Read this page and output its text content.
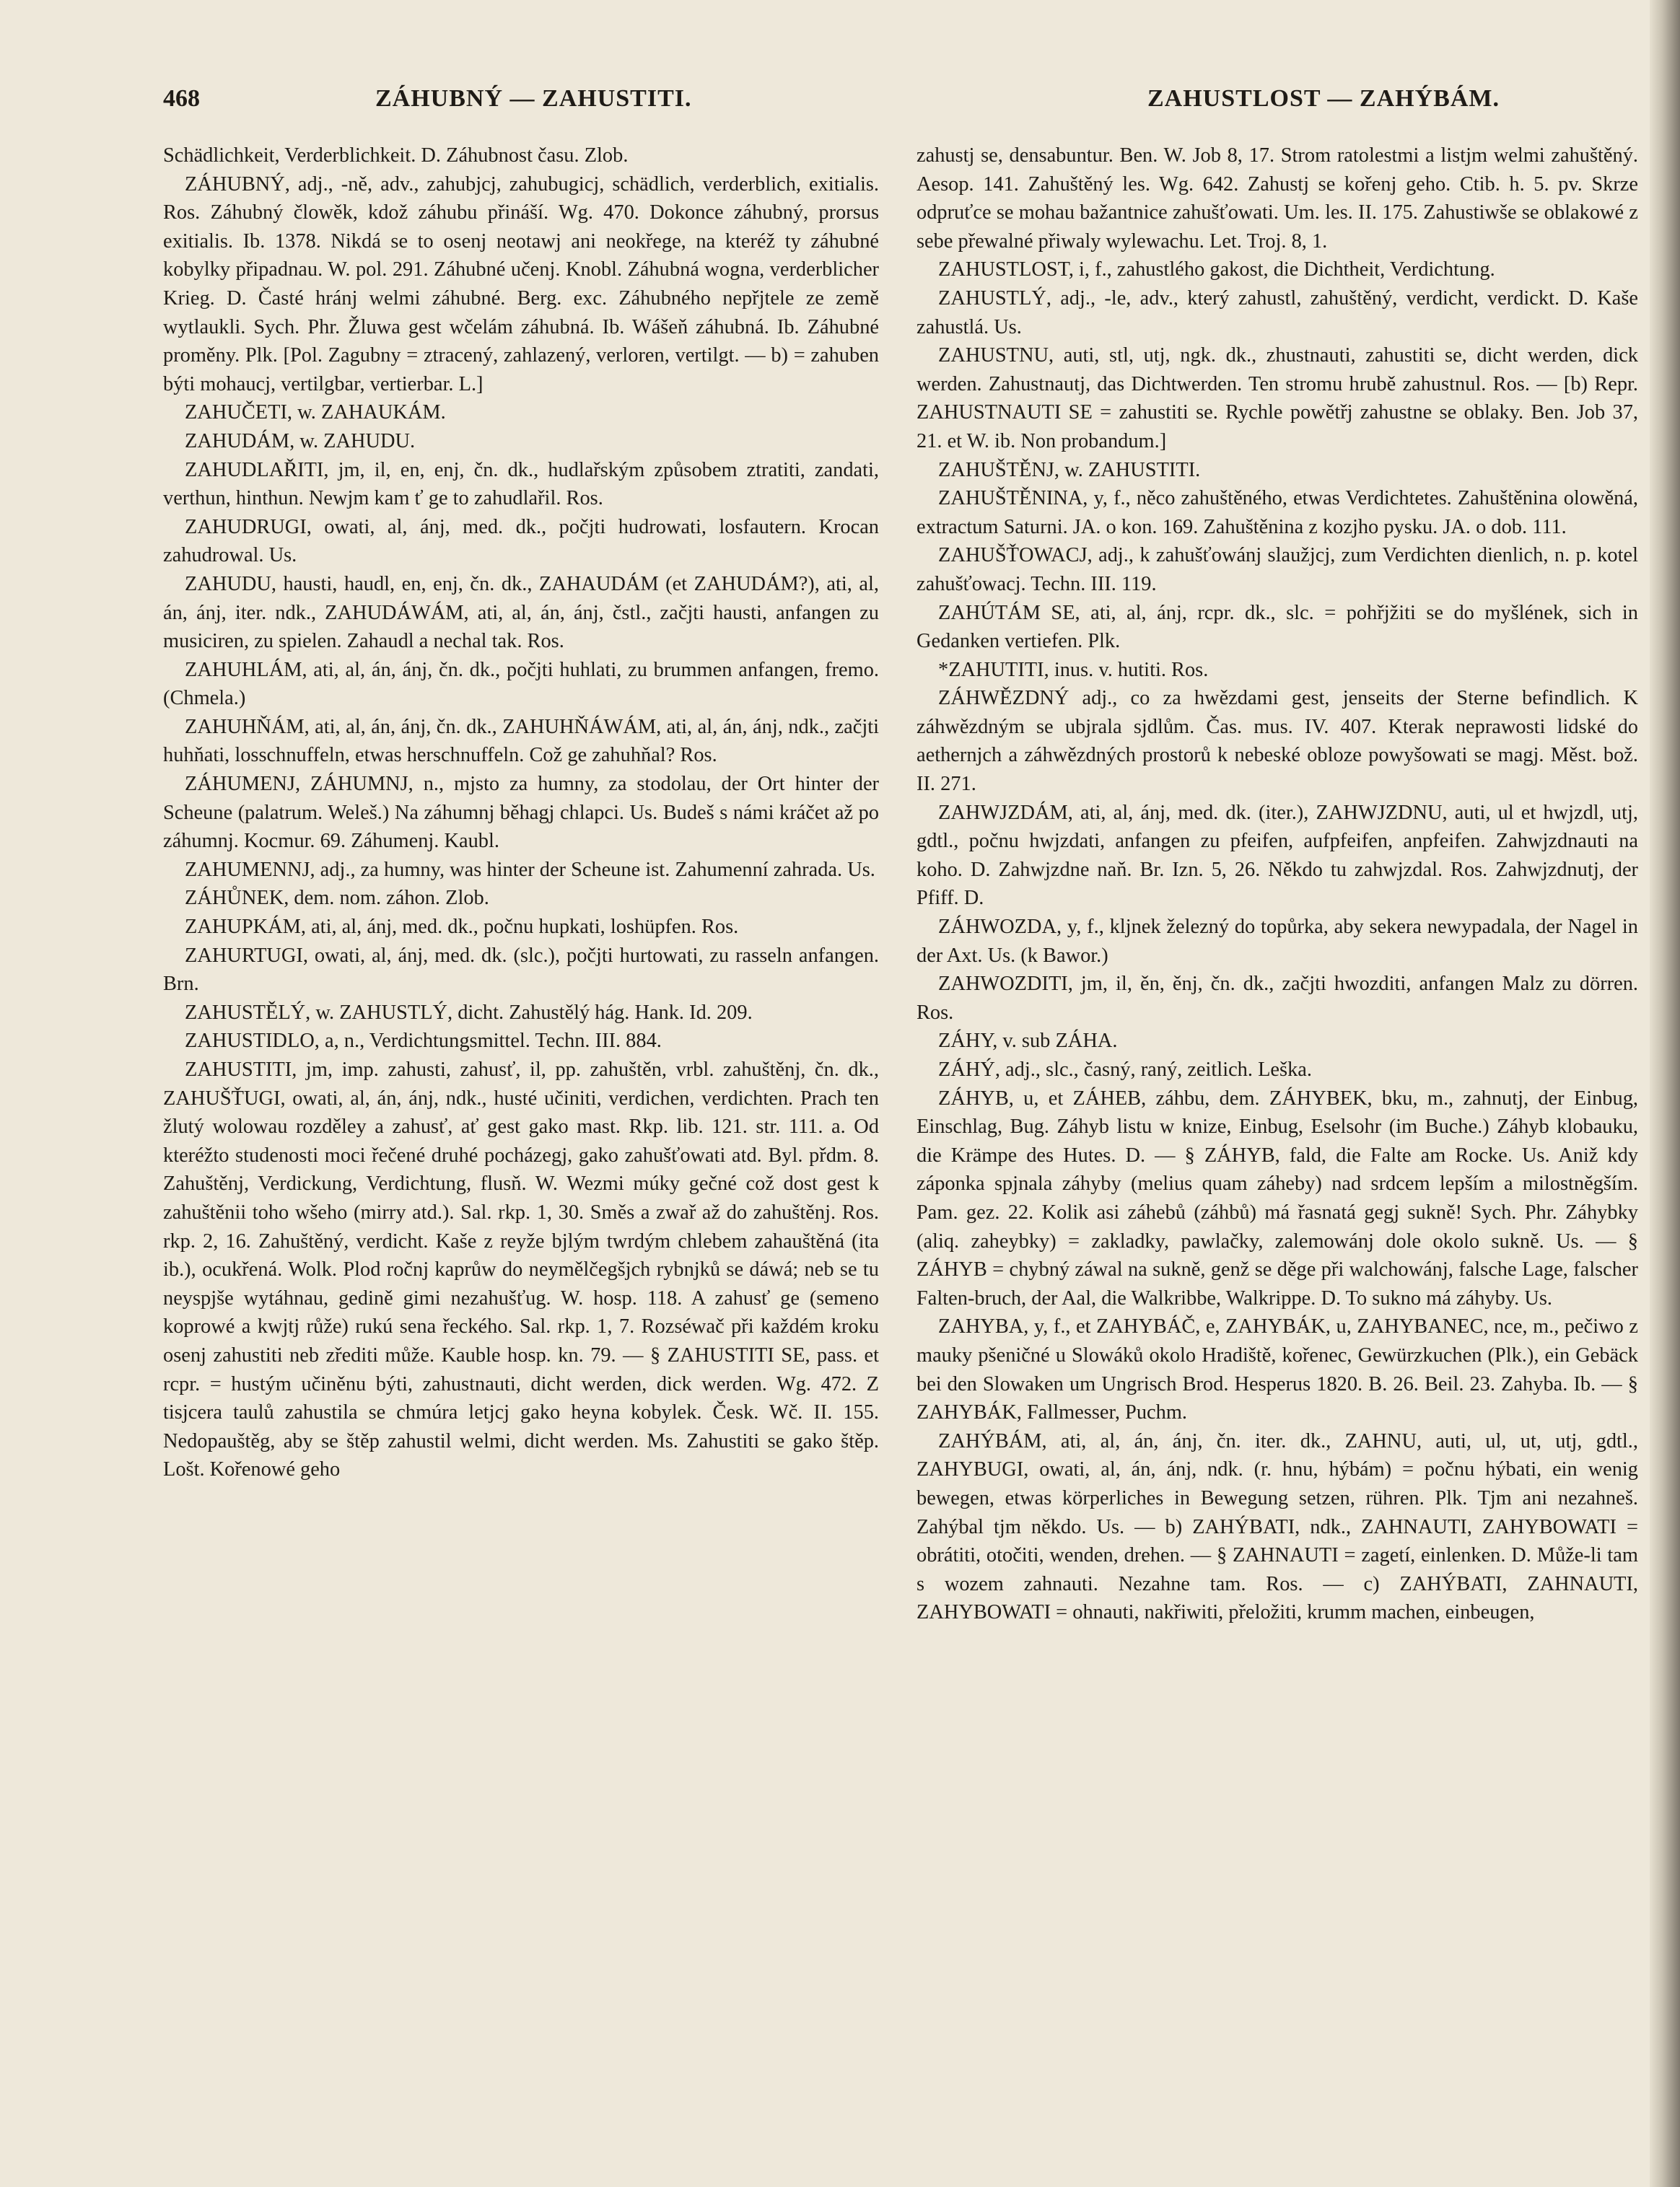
468	ZÁHUBNÝ — ZAHUSTITI.	ZAHUSTLOST — ZAHÝBÁM.

Schädlichkeit, Verderblichkeit. D. Záhubnost času. Zlob.

ZÁHUBNÝ, adj., -ně, adv., zahubjcj, zahubugicj, schädlich, verderblich, exitialis. Ros. Záhubný člowěk, kdož záhubu přináší. Wg. 470. Dokonce záhubný, prorsus exitialis. Ib. 1378. Nikdá se to osenj neotawj ani neokřege, na kteréž ty záhubné kobylky připadnau. W. pol. 291. Záhubné učenj. Knobl. Záhubná wogna, verderblicher Krieg. D. Časté hránj welmi záhubné. Berg. exc. Záhubného nepřjtele ze země wytlaukli. Sych. Phr. Žluwa gest wčelám záhubná. Ib. Wášeň záhubná. Ib. Záhubné proměny. Plk. [Pol. Zagubny = ztracený, zahlazený, verloren, vertilgt. — b) = zahuben býti mohaucj, vertilgbar, vertierbar. L.]

ZAHUČETI, w. ZAHAUKÁM.

ZAHUDÁM, w. ZAHUDU.

ZAHUDLAŘITI, jm, il, en, enj, čn. dk., hudlařským způsobem ztratiti, zandati, verthun, hinthun. Newjm kam ť ge to zahudlařil. Ros.

ZAHUDRUGI, owati, al, ánj, med. dk., počjti hudrowati, losfautern. Krocan zahudrowal. Us.

ZAHUDU, hausti, haudl, en, enj, čn. dk., ZAHAUDÁM (et ZAHUDÁM?), ati, al, án, ánj, iter. ndk., ZAHUDÁWÁM, ati, al, án, ánj, čstl., začjti hausti, anfangen zu musiciren, zu spielen. Zahaudl a nechal tak. Ros.

ZAHUHLÁM, ati, al, án, ánj, čn. dk., počjti huhlati, zu brummen anfangen, fremo. (Chmela.)

ZAHUHŇÁM, ati, al, án, ánj, čn. dk., ZAHUHŇÁWÁM, ati, al, án, ánj, ndk., začjti huhňati, losschnuffeln, etwas herschnuffeln. Což ge zahuhňal? Ros.

ZÁHUMENJ, ZÁHUMNJ, n., mjsto za humny, za stodolau, der Ort hinter der Scheune (palatrum. Weleš.) Na záhumnj běhagj chlapci. Us. Budeš s námi kráčet až po záhumnj. Kocmur. 69. Záhumenj. Kaubl.

ZAHUMENNJ, adj., za humny, was hinter der Scheune ist. Zahumenní zahrada. Us.

ZÁHŮNEK, dem. nom. záhon. Zlob.

ZAHUPKÁM, ati, al, ánj, med. dk., počnu hupkati, loshüpfen. Ros.

ZAHURTUGI, owati, al, ánj, med. dk. (slc.), počjti hurtowati, zu rasseln anfangen. Brn.

ZAHUSTĚLÝ, w. ZAHUSTLÝ, dicht. Zahustělý hág. Hank. Id. 209.

ZAHUSTIDLO, a, n., Verdichtungsmittel. Techn. III. 884.

ZAHUSTITI, jm, imp. zahusti, zahusť, il, pp. zahuštěn, vrbl. zahuštěnj, čn. dk., ZAHUŠŤUGI, owati, al, án, ánj, ndk., husté učiniti, verdichen, verdichten. Prach ten žlutý wolowau rozděley a zahusť, ať gest gako mast. Rkp. lib. 121. str. 111. a. Od kteréžto studenosti moci řečené druhé pocházegj, gako zahušťowati atd. Byl. přdm. 8. Zahuštěnj, Verdickung, Verdichtung, flusň. W. Wezmi múky gečné což dost gest k zahuštěnii toho wšeho (mirry atd.). Sal. rkp. 1, 30. Směs a zwař až do zahuštěnj. Ros. rkp. 2, 16. Zahuštěný, verdicht. Kaše z reyže bjlým twrdým chlebem zahauštěná (ita ib.), ocukřená. Wolk. Plod ročnj kaprůw do neymělčegšjch rybnjků se dáwá; neb se tu neyspjše wytáhnau, gedině gimi nezahušťug. W. hosp. 118. A zahusť ge (semeno koprowé a kwjtj růže) rukú sena řeckého. Sal. rkp. 1, 7. Rozséwač při každém kroku osenj zahustiti neb zřediti může. Kauble hosp. kn. 79. — § ZAHUSTITI SE, pass. et rcpr. = hustým učiněnu býti, zahustnauti, dicht werden, dick werden. Wg. 472. Z tisjcera taulů zahustila se chmúra letjcj gako heyna kobylek. Česk. Wč. II. 155. Nedopauštěg, aby se štěp zahustil welmi, dicht werden. Ms. Zahustiti se gako štěp. Lošt. Kořenowé geho

zahustj se, densabuntur. Ben. W. Job 8, 17. Strom ratolestmi a listjm welmi zahuštěný. Aesop. 141. Zahuštěný les. Wg. 642. Zahustj se kořenj geho. Ctib. h. 5. pv. Skrze odpruťce se mohau bažantnice zahušťowati. Um. les. II. 175. Zahustiwše se oblakowé z sebe přewalné přiwaly wylewachu. Let. Troj. 8, 1.

ZAHUSTLOST, i, f., zahustlého gakost, die Dichtheit, Verdichtung.

ZAHUSTLÝ, adj., -le, adv., který zahustl, zahuštěný, verdicht, verdickt. D. Kaše zahustlá. Us.

ZAHUSTNU, auti, stl, utj, ngk. dk., zhustnauti, zahustiti se, dicht werden, dick werden. Zahustnautj, das Dichtwerden. Ten stromu hrubě zahustnul. Ros. — [b) Repr. ZAHUSTNAUTI SE = zahustiti se. Rychle powětřj zahustne se oblaky. Ben. Job 37, 21. et W. ib. Non probandum.]

ZAHUŠTĚNJ, w. ZAHUSTITI.

ZAHUŠTĚNINA, y, f., něco zahuštěného, etwas Verdichtetes. Zahuštěnina olowěná, extractum Saturni. JA. o kon. 169. Zahuštěnina z kozjho pysku. JA. o dob. 111.

ZAHUŠŤOWACJ, adj., k zahušťowánj slaužjcj, zum Verdichten dienlich, n. p. kotel zahušťowacj. Techn. III. 119.

ZAHÚTÁM SE, ati, al, ánj, rcpr. dk., slc. = pohřjžiti se do myšlének, sich in Gedanken vertiefen. Plk.

*ZAHUTITI, inus. v. hutiti. Ros.

ZÁHWĚZDNÝ adj., co za hwězdami gest, jenseits der Sterne befindlich. K záhwězdným se ubjrala sjdlům. Čas. mus. IV. 407. Kterak neprawosti lidské do aethernjch a záhwězdných prostorů k nebeské obloze powyšowati se magj. Měst. bož. II. 271.

ZAHWJZDÁM, ati, al, ánj, med. dk. (iter.), ZAHWJZDNU, auti, ul et hwjzdl, utj, gdtl., počnu hwjzdati, anfangen zu pfeifen, aufpfeifen, anpfeifen. Zahwjzdnauti na koho. D. Zahwjzdne naň. Br. Izn. 5, 26. Někdo tu zahwjzdal. Ros. Zahwjzdnutj, der Pfiff. D.

ZÁHWOZDA, y, f., kljnek železný do topůrka, aby sekera newypadala, der Nagel in der Axt. Us. (k Bawor.)

ZAHWOZDITI, jm, il, ěn, ěnj, čn. dk., začjti hwozditi, anfangen Malz zu dörren. Ros.

ZÁHY, v. sub ZÁHA.

ZÁHÝ, adj., slc., časný, raný, zeitlich. Leška.

ZÁHYB, u, et ZÁHEB, záhbu, dem. ZÁHYBEK, bku, m., zahnutj, der Einbug, Einschlag, Bug. Záhyb listu w knize, Einbug, Eselsohr (im Buche.) Záhyb klobauku, die Krämpe des Hutes. D. — § ZÁHYB, fald, die Falte am Rocke. Us. Aniž kdy záponka spjnala záhyby (melius quam záheby) nad srdcem lepším a milostněgším. Pam. gez. 22. Kolik asi záhebů (záhbů) má řasnatá gegj sukně! Sych. Phr. Záhybky (aliq. zaheybky) = zakladky, pawlačky, zalemowánj dole okolo sukně. Us. — § ZÁHYB = chybný záwal na sukně, genž se děge při walchowánj, falsche Lage, falscher Falten-bruch, der Aal, die Walkribbe, Walkrippe. D. To sukno má záhyby. Us.

ZAHYBA, y, f., et ZAHYBÁČ, e, ZAHYBÁK, u, ZAHYBANEC, nce, m., pečiwo z mauky pšeničné u Slowáků okolo Hradiště, kořenec, Gewürzkuchen (Plk.), ein Gebäck bei den Slowaken um Ungrisch Brod. Hesperus 1820. B. 26. Beil. 23. Zahyba. Ib. — § ZAHYBÁK, Fallmesser, Puchm.

ZAHÝBÁM, ati, al, án, ánj, čn. iter. dk., ZAHNU, auti, ul, ut, utj, gdtl., ZAHYBUGI, owati, al, án, ánj, ndk. (r. hnu, hýbám) = počnu hýbati, ein wenig bewegen, etwas körperliches in Bewegung setzen, rühren. Plk. Tjm ani nezahneš. Zahýbal tjm někdo. Us. — b) ZAHÝBATI, ndk., ZAHNAUTI, ZAHYBOWATI = obrátiti, otočiti, wenden, drehen. — § ZAHNAUTI = zagetí, einlenken. D. Může-li tam s wozem zahnauti. Nezahne tam. Ros. — c) ZAHÝBATI, ZAHNAUTI, ZAHYBOWATI = ohnauti, nakřiwiti, přeložiti, krumm machen, einbeugen,
